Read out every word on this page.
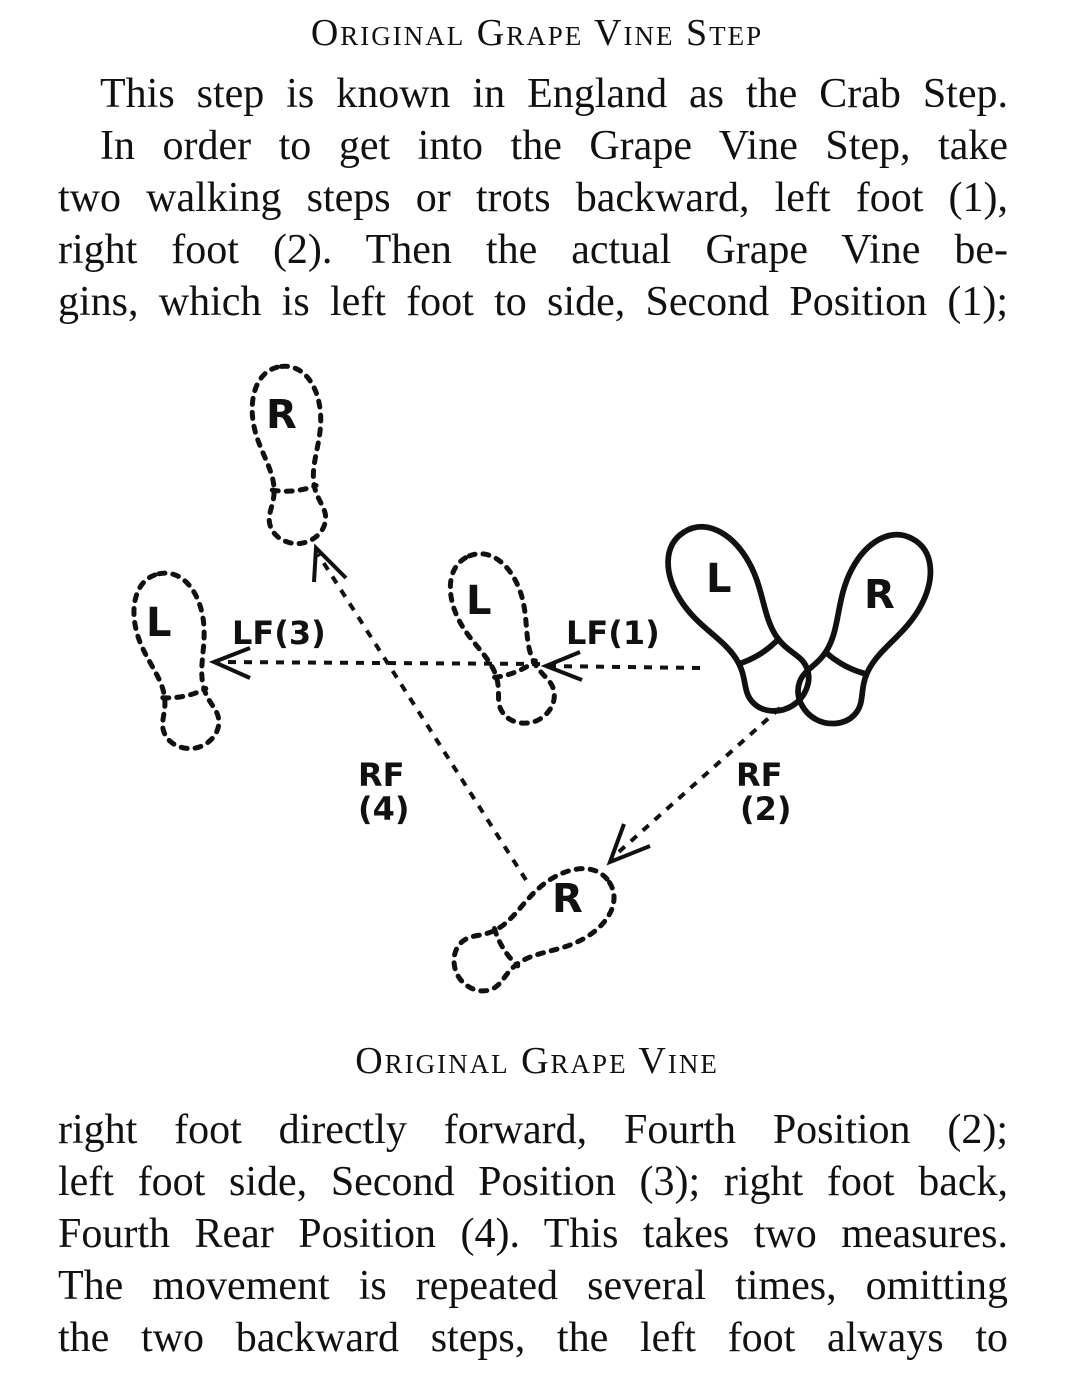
Original Grape Vine Step
This step is known in England as the Crab Step.
In order to get into the Grape Vine Step, take
two walking steps or trots backward, left foot (1),
right foot (2). Then the actual Grape Vine be-
gins, which is left foot to side, Second Position (1);
L	R
L
L
R
R
LF(1)
LF(3)
RF
(2)
RF
(4)
Original Grape Vine
right foot directly forward, Fourth Position (2);
left foot side, Second Position (3); right foot back,
Fourth Rear Position (4). This takes two measures.
The movement is repeated several times, omitting
the two backward steps, the left foot always to
